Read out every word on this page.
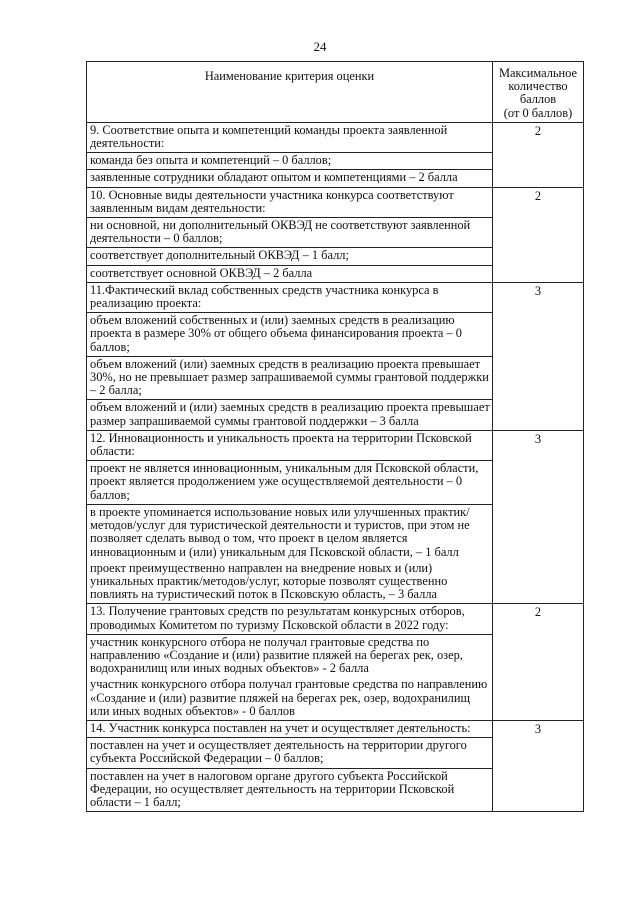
24
Наименование критерия оценки	Максимальное
количество баллов
(от 0 баллов)

9. Соответствие опыта и компетенций команды проекта заявленной деятельности:
команда без опыта и компетенций – 0 баллов;
заявленные сотрудники обладают опытом и компетенциями – 2 балла	2

10. Основные виды деятельности участника конкурса соответствуют заявленным видам деятельности:
ни основной, ни дополнительный ОКВЭД не соответствуют заявленной деятельности – 0 баллов;
соответствует дополнительный ОКВЭД – 1 балл;
соответствует основной ОКВЭД – 2 балла	2

11.Фактический вклад собственных средств участника конкурса в реализацию проекта:
объем вложений собственных и (или) заемных средств в реализацию проекта в размере 30% от общего объема финансирования проекта – 0 баллов;
объем вложений (или) заемных средств в реализацию проекта превышает 30%, но не превышает размер запрашиваемой суммы грантовой поддержки – 2 балла;
объем вложений и (или) заемных средств в реализацию проекта превышает размер запрашиваемой суммы грантовой поддержки – 3 балла	3

12. Инновационность и уникальность проекта на территории Псковской области:
проект не является инновационным, уникальным для Псковской области, проект является продолжением уже осуществляемой деятельности – 0 баллов;
в проекте упоминается использование новых или улучшенных практик/методов/услуг для туристической деятельности и туристов, при этом не позволяет сделать вывод о том, что проект в целом является инновационным и (или) уникальным для Псковской области, – 1 балл
проект преимущественно направлен на внедрение новых и (или) уникальных практик/методов/услуг, которые позволят существенно повлиять на туристический поток в Псковскую область, – 3 балла	3

13. Получение грантовых средств по результатам конкурсных отборов, проводимых Комитетом по туризму Псковской области в 2022 году:
участник конкурсного отбора не получал грантовые средства по направлению «Создание и (или) развитие пляжей на берегах рек, озер, водохранилищ или иных водных объектов» - 2 балла
участник конкурсного отбора получал грантовые средства по направлению «Создание и (или) развитие пляжей на берегах рек, озер, водохранилищ или иных водных объектов» - 0 баллов	2

14. Участник конкурса поставлен на учет и осуществляет деятельность:
поставлен на учет и осуществляет деятельность на территории другого субъекта Российской Федерации – 0 баллов;
поставлен на учет в налоговом органе другого субъекта Российской Федерации, но осуществляет деятельность на территории Псковской области – 1 балл;	3
